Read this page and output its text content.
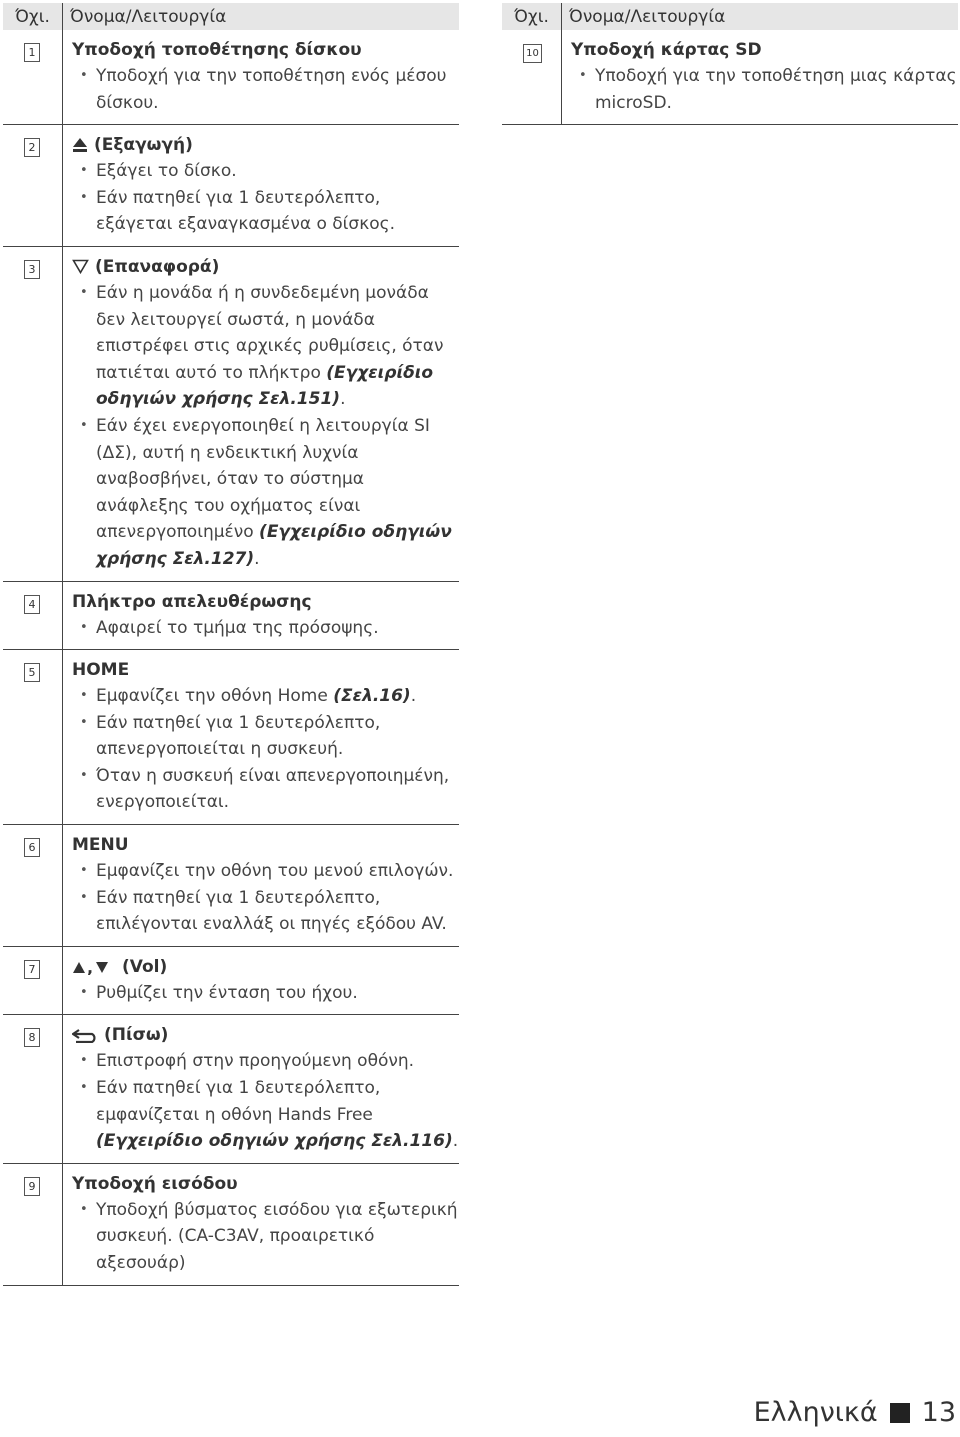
Όχι.	Όνομα/Λειτουργία
1	Υποδοχή τοποθέτησης δίσκου
• Υποδοχή για την τοποθέτηση ενός μέσου δίσκου.

2	(Εξαγωγή)
• Εξάγει το δίσκο.
• Εάν πατηθεί για 1 δευτερόλεπτο, εξάγεται εξαναγκασμένα ο δίσκος.

3	(Επαναφορά)
• Εάν η μονάδα ή η συνδεδεμένη μονάδα δεν λειτουργεί σωστά, η μονάδα επιστρέφει στις αρχικές ρυθμίσεις, όταν πατιέται αυτό το πλήκτρο (Εγχειρίδιο οδηγιών χρήσης Σελ.151).
• Εάν έχει ενεργοποιηθεί η λειτουργία SI (ΔΣ), αυτή η ενδεικτική λυχνία αναβοσβήνει, όταν το σύστημα ανάφλεξης του οχήματος είναι απενεργοποιημένο (Εγχειρίδιο οδηγιών χρήσης Σελ.127).

4	Πλήκτρο απελευθέρωσης
• Αφαιρεί το τμήμα της πρόσοψης.

5	HOME
• Εμφανίζει την οθόνη Home (Σελ.16).
• Εάν πατηθεί για 1 δευτερόλεπτο, απενεργοποιείται η συσκευή.
• Όταν η συσκευή είναι απενεργοποιημένη, ενεργοποιείται.

6	MENU
• Εμφανίζει την οθόνη του μενού επιλογών.
• Εάν πατηθεί για 1 δευτερόλεπτο, επιλέγονται εναλλάξ οι πηγές εξόδου AV.

7	, (Vol)
• Ρυθμίζει την ένταση του ήχου.

8	(Πίσω)
• Επιστροφή στην προηγούμενη οθόνη.
• Εάν πατηθεί για 1 δευτερόλεπτο, εμφανίζεται η οθόνη Hands Free (Εγχειρίδιο οδηγιών χρήσης Σελ.116).

9	Υποδοχή εισόδου
• Υποδοχή βύσματος εισόδου για εξωτερική συσκευή. (CA-C3AV, προαιρετικό αξεσουάρ)
Όχι.	Όνομα/Λειτουργία
10	Υποδοχή κάρτας SD
• Υποδοχή για την τοποθέτηση μιας κάρτας microSD.
Ελληνικά 13
